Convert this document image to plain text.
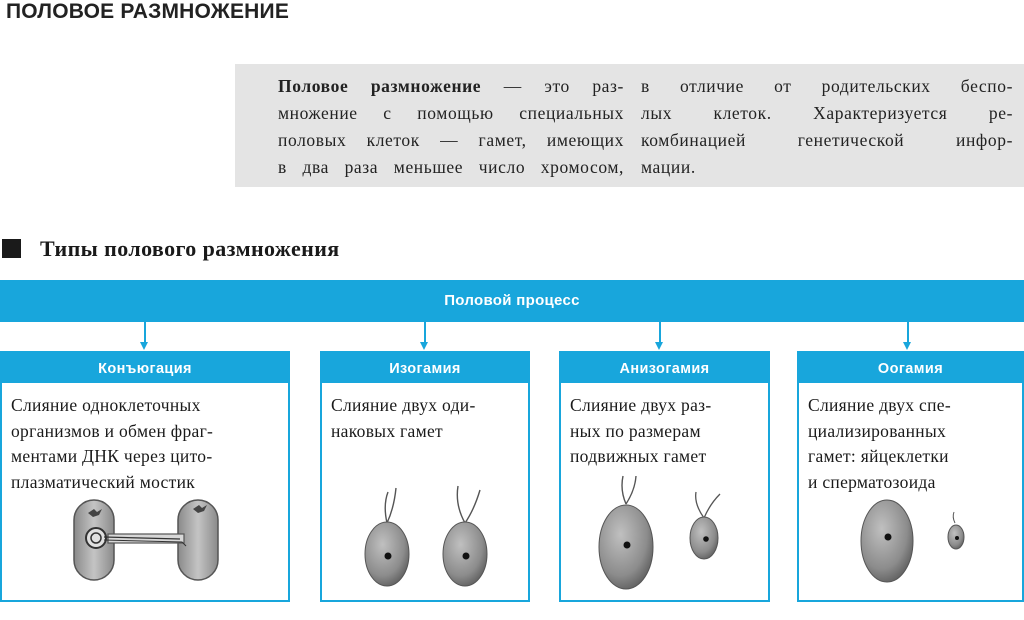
ПОЛОВОЕ РАЗМНОЖЕНИЕ
Половое размножение — это раз-
множение с помощью специальных
половых клеток — гамет, имеющих
в два раза меньшее число хромосом,
в отличие от родительских беспо-
лых клеток. Характеризуется ре-
комбинацией генетической инфор-
мации.
Типы полового размножения
Половой процесс
Конъюгация
Слияние одноклеточных
организмов и обмен фраг-
ментами ДНК через цито-
плазматический мостик
Изогамия
Слияние двух оди-
наковых гамет
Анизогамия
Слияние двух раз-
ных по размерам
подвижных гамет
Оогамия
Слияние двух спе-
циализированных
гамет: яйцеклетки
и сперматозоида
